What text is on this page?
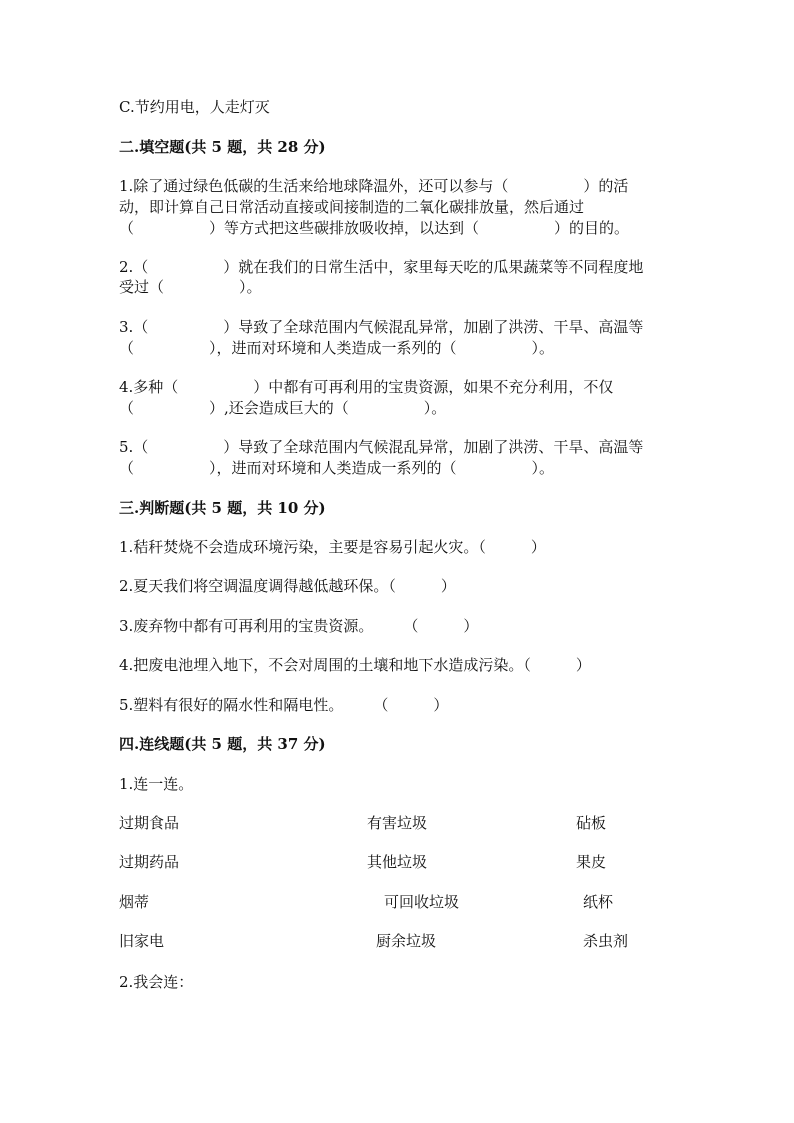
C.节约用电，人走灯灭
二.填空题(共 5 题，共 28 分)
1.除了通过绿色低碳的生活来给地球降温外，还可以参与（　　　　　）的活
动，即计算自己日常活动直接或间接制造的二氧化碳排放量，然后通过
（　　　　　）等方式把这些碳排放吸收掉，以达到（　　　　　）的目的。
2.（　　　　　）就在我们的日常生活中，家里每天吃的瓜果蔬菜等不同程度地
受过（　　　　　）。
3.（　　　　　）导致了全球范围内气候混乱异常，加剧了洪涝、干旱、高温等
（　　　　　），进而对环境和人类造成一系列的（　　　　　）。
4.多种（　　　　　）中都有可再利用的宝贵资源，如果不充分利用，不仅
（　　　　　）,还会造成巨大的（　　　　　）。
5.（　　　　　）导致了全球范围内气候混乱异常，加剧了洪涝、干旱、高温等
（　　　　　），进而对环境和人类造成一系列的（　　　　　）。
三.判断题(共 5 题，共 10 分)
1.秸秆焚烧不会造成环境污染，主要是容易引起火灾。（　　　）
2.夏天我们将空调温度调得越低越环保。（　　　）
3.废弃物中都有可再利用的宝贵资源。　　　（　　　）
4.把废电池埋入地下，不会对周围的土壤和地下水造成污染。（　　　）
5.塑料有很好的隔水性和隔电性。　　　（　　　）
四.连线题(共 5 题，共 37 分)
1.连一连。
过期食品	有害垃圾	砧板
过期药品	其他垃圾	果皮
烟蒂	可回收垃圾	纸杯
旧家电	厨余垃圾	杀虫剂
2.我会连：
